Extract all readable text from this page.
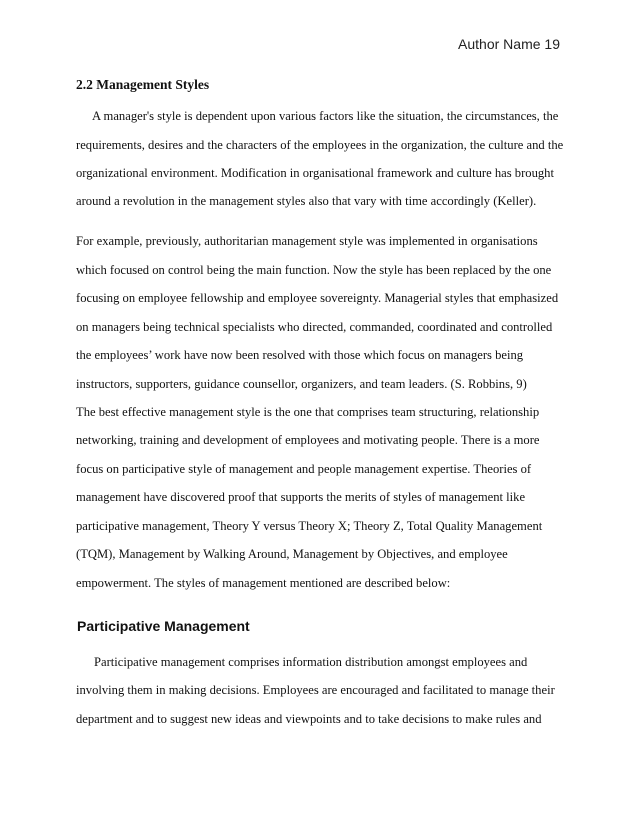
Author Name 19
2.2 Management Styles
A manager's style is dependent upon various factors like the situation, the circumstances, the
requirements, desires and the characters of the employees in the organization, the culture and the
organizational environment. Modification in organisational framework and culture has brought
around a revolution in the management styles also that vary with time accordingly (Keller).
For example, previously, authoritarian management style was implemented in organisations
which focused on control being the main function. Now the style has been replaced by the one
focusing on employee fellowship and employee sovereignty. Managerial styles that emphasized
on managers being technical specialists who directed, commanded, coordinated and controlled
the employees’ work have now been resolved with those which focus on managers being
instructors, supporters, guidance counsellor, organizers, and team leaders. (S. Robbins, 9)
The best effective management style is the one that comprises team structuring, relationship
networking, training and development of employees and motivating people. There is a more
focus on participative style of management and people management expertise. Theories of
management have discovered proof that supports the merits of styles of management like
participative management, Theory Y versus Theory X; Theory Z, Total Quality Management
(TQM), Management by Walking Around, Management by Objectives, and employee
empowerment. The styles of management mentioned are described below:
Participative Management
Participative management comprises information distribution amongst employees and
involving them in making decisions. Employees are encouraged and facilitated to manage their
department and to suggest new ideas and viewpoints and to take decisions to make rules and
